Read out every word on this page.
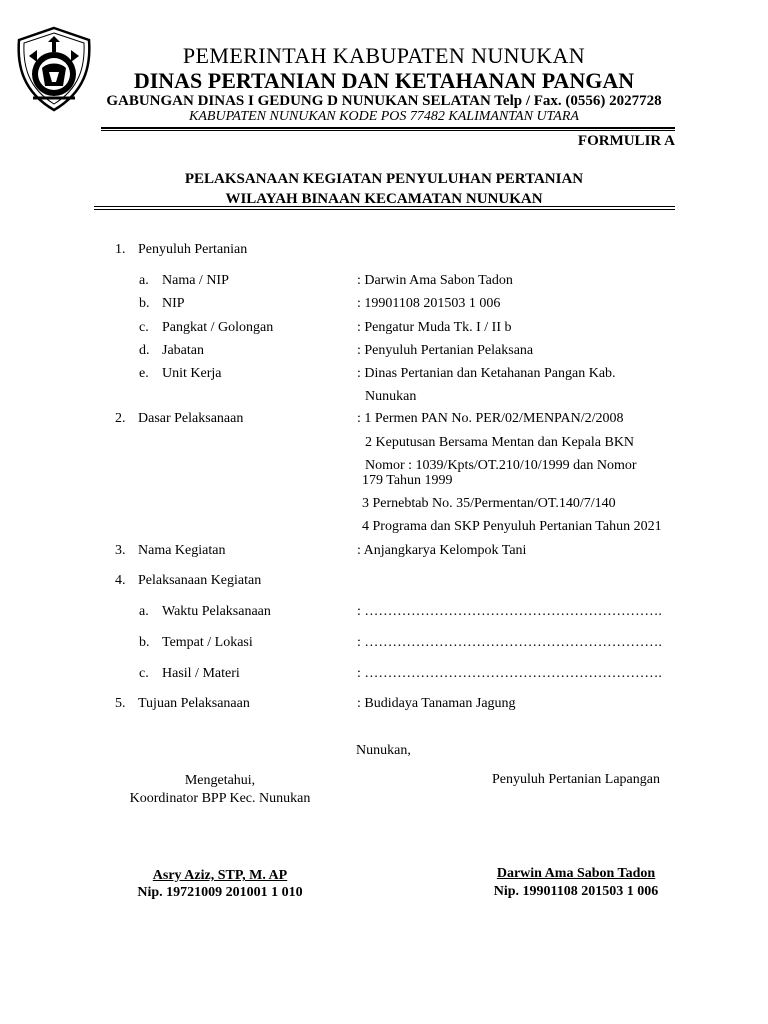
PEMERINTAH KABUPATEN NUNUKAN
DINAS PERTANIAN DAN KETAHANAN PANGAN
GABUNGAN DINAS I GEDUNG D NUNUKAN SELATAN Telp / Fax. (0556) 2027728
KABUPATEN NUNUKAN KODE POS 77482 KALIMANTAN UTARA
FORMULIR A
PELAKSANAAN KEGIATAN PENYULUHAN PERTANIAN
WILAYAH BINAAN KECAMATAN NUNUKAN
1. Penyuluh Pertanian
a. Nama / NIP	: Darwin Ama Sabon Tadon
b. NIP	: 19901108 201503 1 006
c. Pangkat / Golongan	: Pengatur Muda Tk. I / II b
d. Jabatan	: Penyuluh Pertanian Pelaksana
e. Unit Kerja	: Dinas Pertanian dan Ketahanan Pangan Kab.
Nunukan
2. Dasar Pelaksanaan	: 1 Permen PAN No. PER/02/MENPAN/2/2008
2 Keputusan Bersama Mentan dan Kepala BKN
Nomor : 1039/Kpts/OT.210/10/1999 dan Nomor
179 Tahun 1999
3 Pernebtab No. 35/Permentan/OT.140/7/140
4 Programa dan SKP Penyuluh Pertanian Tahun 2021
3. Nama Kegiatan	: Anjangkarya Kelompok Tani
4. Pelaksanaan Kegiatan
a. Waktu Pelaksanaan	: ……………………………………………………….
b. Tempat / Lokasi	: ……………………………………………………….
c. Hasil / Materi	: ……………………………………………………….
5. Tujuan Pelaksanaan	: Budidaya Tanaman Jagung
Nunukan,
Mengetahui,
Koordinator BPP Kec. Nunukan
Asry Aziz, STP, M. AP
Nip. 19721009 201001 1 010
Penyuluh Pertanian Lapangan
Darwin Ama Sabon Tadon
Nip. 19901108 201503 1 006
